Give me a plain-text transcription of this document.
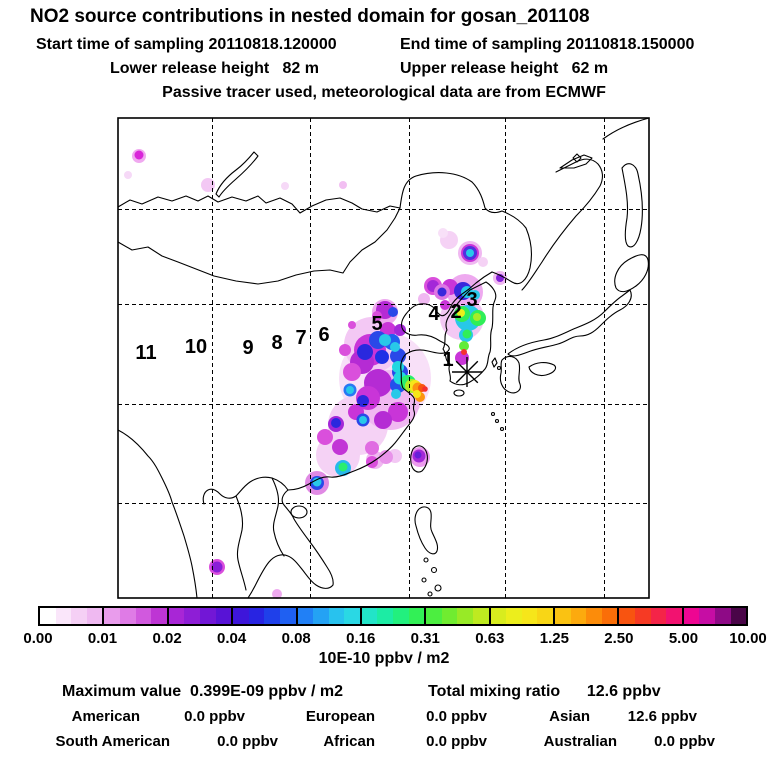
NO2 source contributions in nested domain for gosan_201108
Start time of sampling 20110818.120000	End time of sampling 20110818.150000
Lower release height   82 m	Upper release height   62 m
Passive tracer used, meteorological data are from ECMWF
1
2
3
4
5
6
7
8
9
10
11
0.00	0.01	0.02	0.04	0.08	0.16	0.31	0.63	1.25	2.50	5.00	10.00
10E-10 ppbv / m2
Maximum value  0.399E-09 ppbv / m2	Total mixing ratio      12.6 ppbv
American	0.0 ppbv	European	0.0 ppbv	Asian	12.6 ppbv
South American	0.0 ppbv	African	0.0 ppbv	Australian	0.0 ppbv
